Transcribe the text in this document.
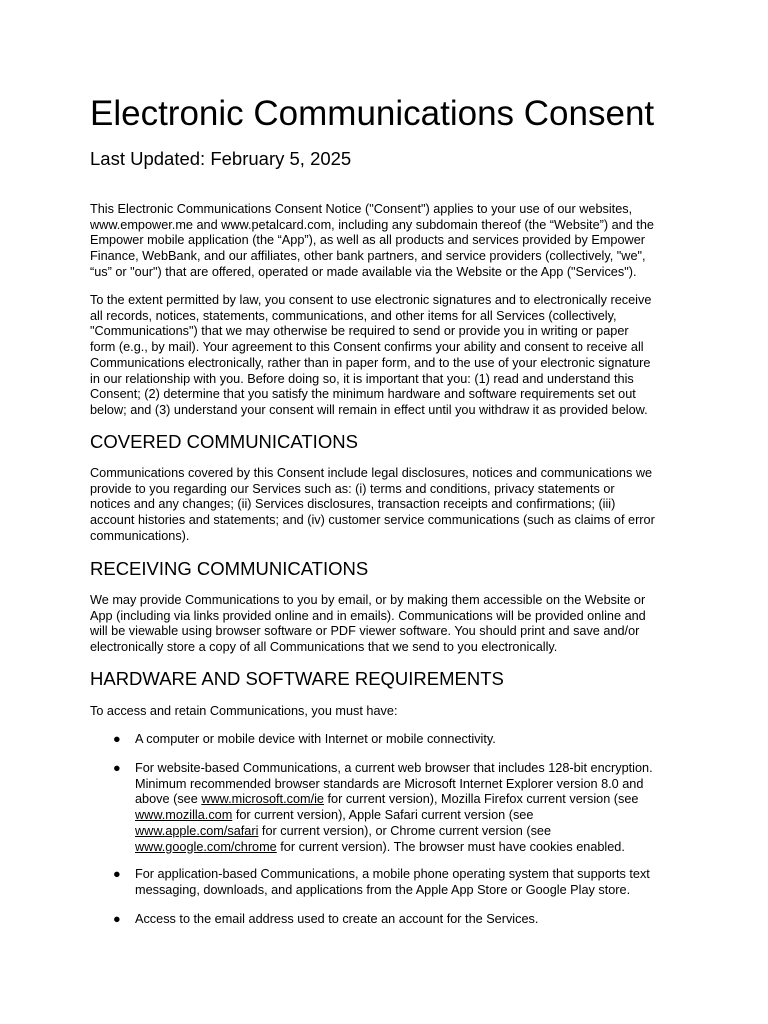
Electronic Communications Consent
Last Updated: February 5, 2025

This Electronic Communications Consent Notice ("Consent") applies to your use of our websites,
www.empower.me and www.petalcard.com, including any subdomain thereof (the “Website”) and the
Empower mobile application (the “App”), as well as all products and services provided by Empower
Finance, WebBank, and our affiliates, other bank partners, and service providers (collectively, "we",
“us” or "our") that are offered, operated or made available via the Website or the App ("Services").

To the extent permitted by law, you consent to use electronic signatures and to electronically receive
all records, notices, statements, communications, and other items for all Services (collectively,
"Communications") that we may otherwise be required to send or provide you in writing or paper
form (e.g., by mail). Your agreement to this Consent confirms your ability and consent to receive all
Communications electronically, rather than in paper form, and to the use of your electronic signature
in our relationship with you. Before doing so, it is important that you: (1) read and understand this
Consent; (2) determine that you satisfy the minimum hardware and software requirements set out
below; and (3) understand your consent will remain in effect until you withdraw it as provided below.

COVERED COMMUNICATIONS

Communications covered by this Consent include legal disclosures, notices and communications we
provide to you regarding our Services such as: (i) terms and conditions, privacy statements or
notices and any changes; (ii) Services disclosures, transaction receipts and confirmations; (iii)
account histories and statements; and (iv) customer service communications (such as claims of error
communications).

RECEIVING COMMUNICATIONS

We may provide Communications to you by email, or by making them accessible on the Website or
App (including via links provided online and in emails). Communications will be provided online and
will be viewable using browser software or PDF viewer software. You should print and save and/or
electronically store a copy of all Communications that we send to you electronically.

HARDWARE AND SOFTWARE REQUIREMENTS

To access and retain Communications, you must have:

● A computer or mobile device with Internet or mobile connectivity.

● For website-based Communications, a current web browser that includes 128-bit encryption.
Minimum recommended browser standards are Microsoft Internet Explorer version 8.0 and
above (see www.microsoft.com/ie for current version), Mozilla Firefox current version (see
www.mozilla.com for current version), Apple Safari current version (see
www.apple.com/safari for current version), or Chrome current version (see
www.google.com/chrome for current version). The browser must have cookies enabled.

● For application-based Communications, a mobile phone operating system that supports text
messaging, downloads, and applications from the Apple App Store or Google Play store.

● Access to the email address used to create an account for the Services.
